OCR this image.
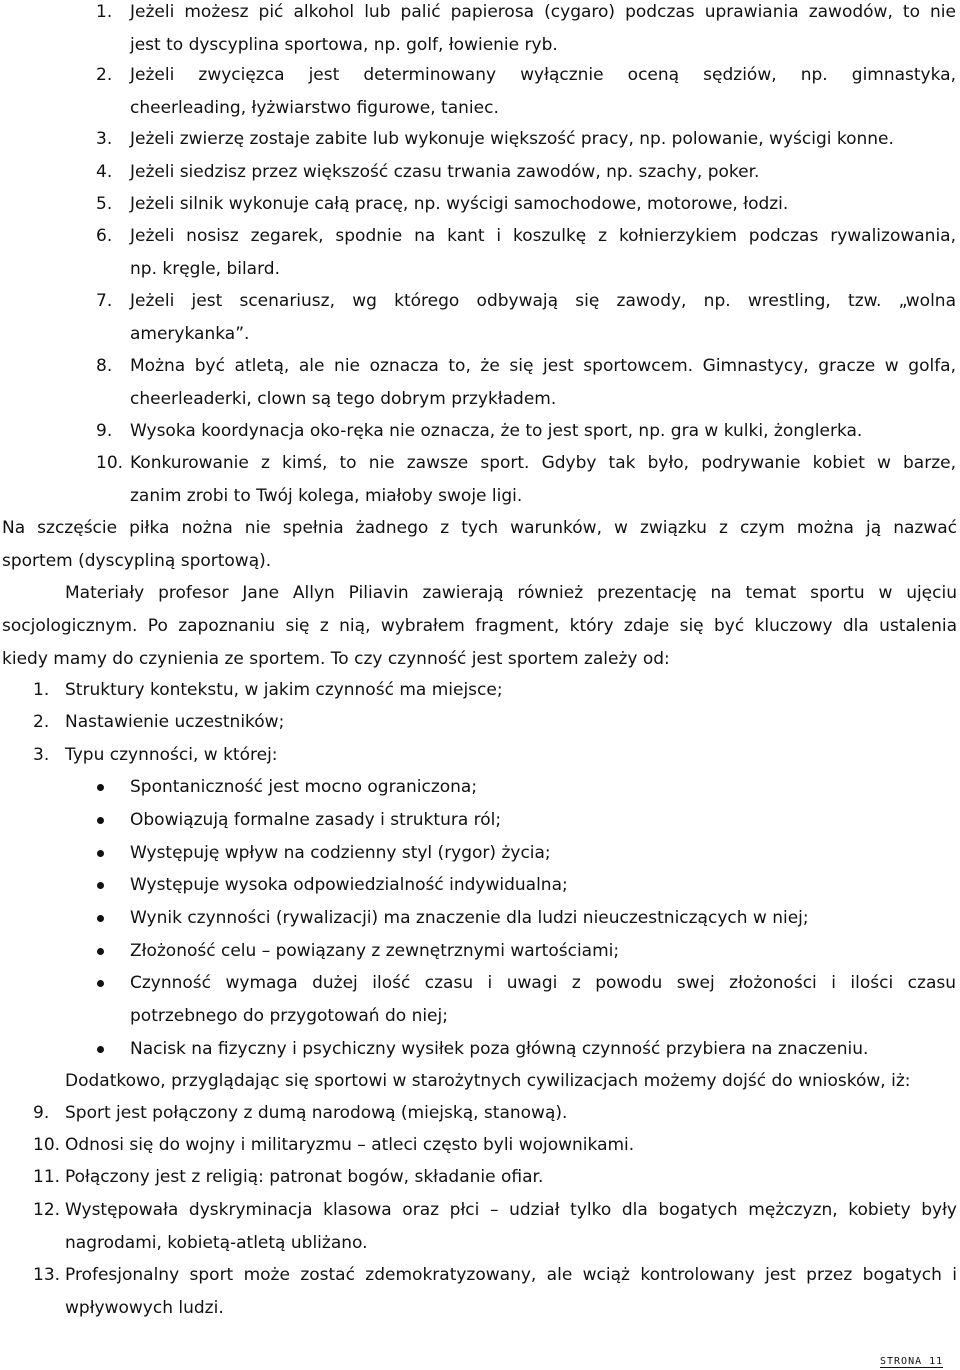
1. Jeżeli możesz pić alkohol lub palić papierosa (cygaro) podczas uprawiania zawodów, to nie
jest to dyscyplina sportowa, np. golf, łowienie ryb.
2. Jeżeli zwycięzca jest determinowany wyłącznie oceną sędziów, np. gimnastyka,
cheerleading, łyżwiarstwo figurowe, taniec.
3. Jeżeli zwierzę zostaje zabite lub wykonuje większość pracy, np. polowanie, wyścigi konne.
4. Jeżeli siedzisz przez większość czasu trwania zawodów, np. szachy, poker.
5. Jeżeli silnik wykonuje całą pracę, np. wyścigi samochodowe, motorowe, łodzi.
6. Jeżeli nosisz zegarek, spodnie na kant i koszulkę z kołnierzykiem podczas rywalizowania,
np. kręgle, bilard.
7. Jeżeli jest scenariusz, wg którego odbywają się zawody, np. wrestling, tzw. „wolna
amerykanka”.
8. Można być atletą, ale nie oznacza to, że się jest sportowcem. Gimnastycy, gracze w golfa,
cheerleaderki, clown są tego dobrym przykładem.
9. Wysoka koordynacja oko-ręka nie oznacza, że to jest sport, np. gra w kulki, żonglerka.
10. Konkurowanie z kimś, to nie zawsze sport. Gdyby tak było, podrywanie kobiet w barze,
zanim zrobi to Twój kolega, miałoby swoje ligi.
Na szczęście piłka nożna nie spełnia żadnego z tych warunków, w związku z czym można ją nazwać
sportem (dyscypliną sportową).
Materiały profesor Jane Allyn Piliavin zawierają również prezentację na temat sportu w ujęciu
socjologicznym. Po zapoznaniu się z nią, wybrałem fragment, który zdaje się być kluczowy dla ustalenia
kiedy mamy do czynienia ze sportem. To czy czynność jest sportem zależy od:
1. Struktury kontekstu, w jakim czynność ma miejsce;
2. Nastawienie uczestników;
3. Typu czynności, w której:
Spontaniczność jest mocno ograniczona;
Obowiązują formalne zasady i struktura ról;
Występuję wpływ na codzienny styl (rygor) życia;
Występuje wysoka odpowiedzialność indywidualna;
Wynik czynności (rywalizacji) ma znaczenie dla ludzi nieuczestniczących w niej;
Złożoność celu – powiązany z zewnętrznymi wartościami;
Czynność wymaga dużej ilość czasu i uwagi z powodu swej złożoności i ilości czasu
potrzebnego do przygotowań do niej;
Nacisk na fizyczny i psychiczny wysiłek poza główną czynność przybiera na znaczeniu.
Dodatkowo, przyglądając się sportowi w starożytnych cywilizacjach możemy dojść do wniosków, iż:
9. Sport jest połączony z dumą narodową (miejską, stanową).
10. Odnosi się do wojny i militaryzmu – atleci często byli wojownikami.
11. Połączony jest z religią: patronat bogów, składanie ofiar.
12. Występowała dyskryminacja klasowa oraz płci – udział tylko dla bogatych mężczyzn, kobiety były
nagrodami, kobietą-atletą ubliżano.
13. Profesjonalny sport może zostać zdemokratyzowany, ale wciąż kontrolowany jest przez bogatych i
wpływowych ludzi.
STRONA 11
